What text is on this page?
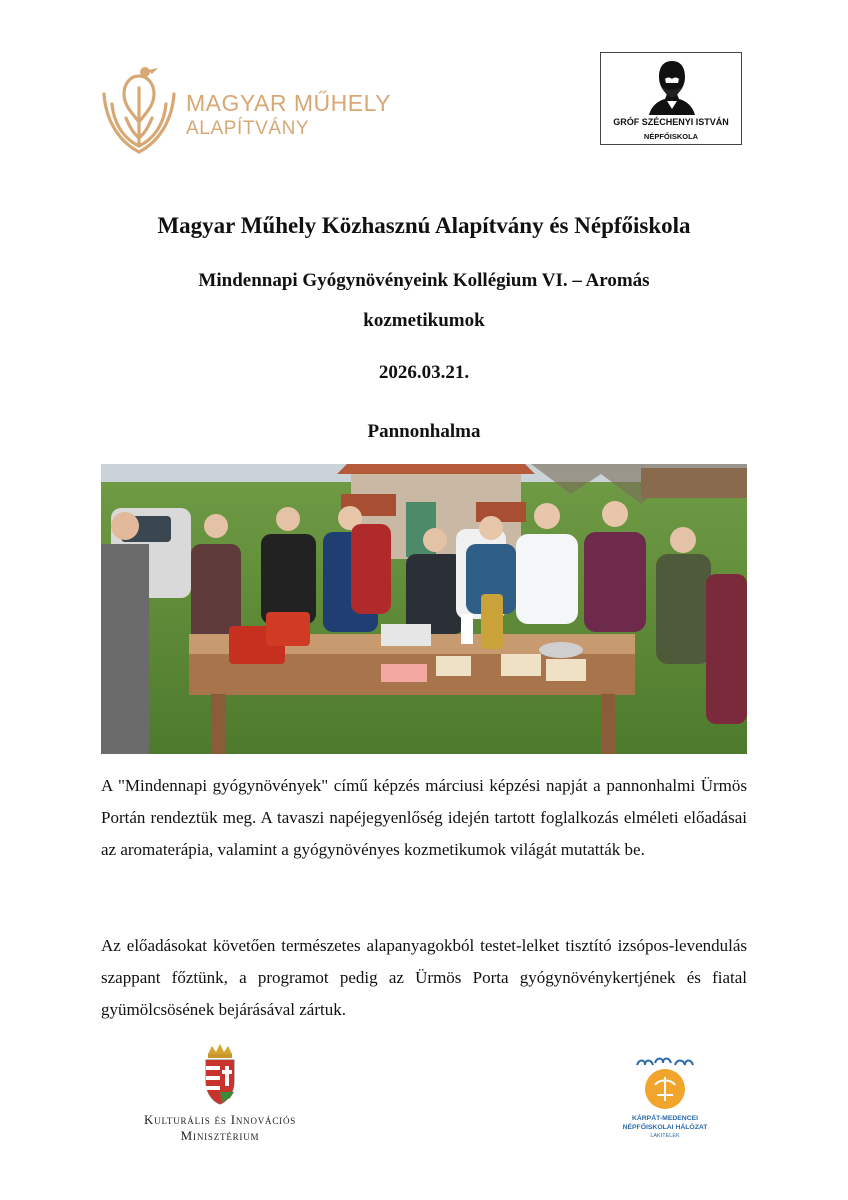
MAGYAR MŰHELY
ALAPÍTVÁNY	GRÓF SZÉCHENYI ISTVÁN
NÉPFŐISKOLA
Magyar Műhely Közhasznú Alapítvány és Népfőiskola
Mindennapi Gyógynövényeink Kollégium VI. – Aromás
kozmetikumok
2026.03.21.
Pannonhalma

A "Mindennapi gyógynövények" című képzés márciusi képzési napját a pannonhalmi Ürmös Portán rendeztük meg. A tavaszi napéjegyenlőség idején tartott foglalkozás elméleti előadásai az aromaterápia, valamint a gyógynövényes kozmetikumok világát mutatták be.

Az előadásokat követően természetes alapanyagokból testet-lelket tisztító izsópos-levendulás szappant főztünk, a programot pedig az Ürmös Porta gyógynövénykertjének és fiatal gyümölcsösének bejárásával zártuk.

Kulturális és Innovációs
Minisztérium
KÁRPÁT-MEDENCEI
NÉPFŐISKOLAI HÁLÓZAT
LAKITELEK
